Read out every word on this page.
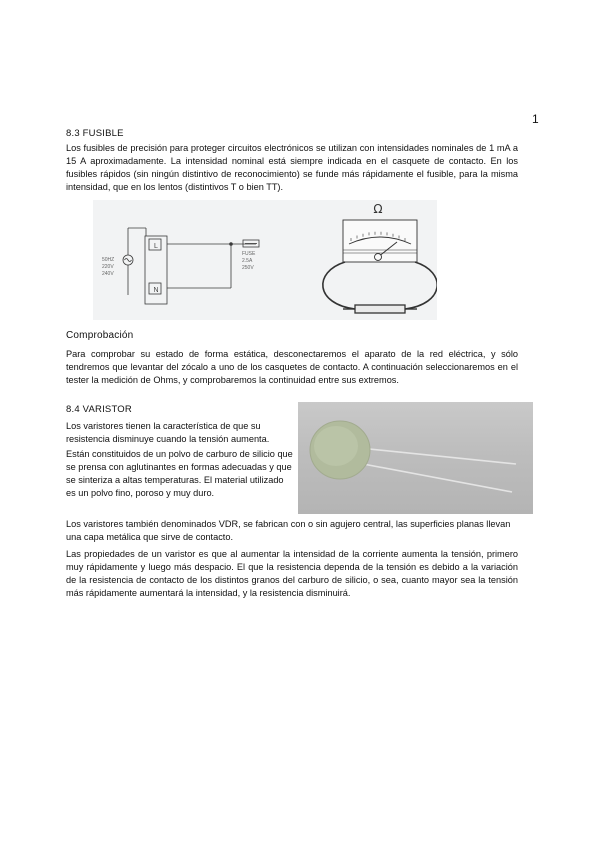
1
8.3 FUSIBLE
Los fusibles de precisión para proteger circuitos electrónicos se utilizan con intensidades nominales de 1 mA a 15 A aproximadamente. La intensidad nominal está siempre indicada en el casquete de contacto. En los fusibles rápidos (sin ningún distintivo de reconocimiento) se funde más rápidamente el fusible, para la misma intensidad, que en los lentos (distintivos T o bien TT).
L
N
50HZ
220V
240V
FUSE
2.5A
250V
Ω
Comprobación
Para comprobar su estado de forma estática, desconectaremos el aparato de la red eléctrica, y sólo tendremos que levantar del zócalo a uno de los casquetes de contacto. A continuación seleccionaremos en el tester la medición de Ohms, y comprobaremos la continuidad entre sus extremos.
8.4 VARISTOR
Los varistores tienen la característica de que su resistencia disminuye cuando la tensión aumenta.
Están constituidos de un polvo de carburo de silicio que se prensa con aglutinantes en formas adecuadas y que se sinteriza a altas temperaturas. El material utilizado es un polvo fino, poroso y muy duro.
Los varistores también denominados VDR, se fabrican con o sin agujero central, las superficies planas llevan una capa metálica que sirve de contacto.
Las propiedades de un varistor es que al aumentar la intensidad de la corriente aumenta la tensión, primero muy rápidamente y luego más despacio. El que la resistencia dependa de la tensión es debido a la variación de la resistencia de contacto de los distintos granos del carburo de silicio, o sea, cuanto mayor sea la tensión más rápidamente aumentará la intensidad, y la resistencia disminuirá.
